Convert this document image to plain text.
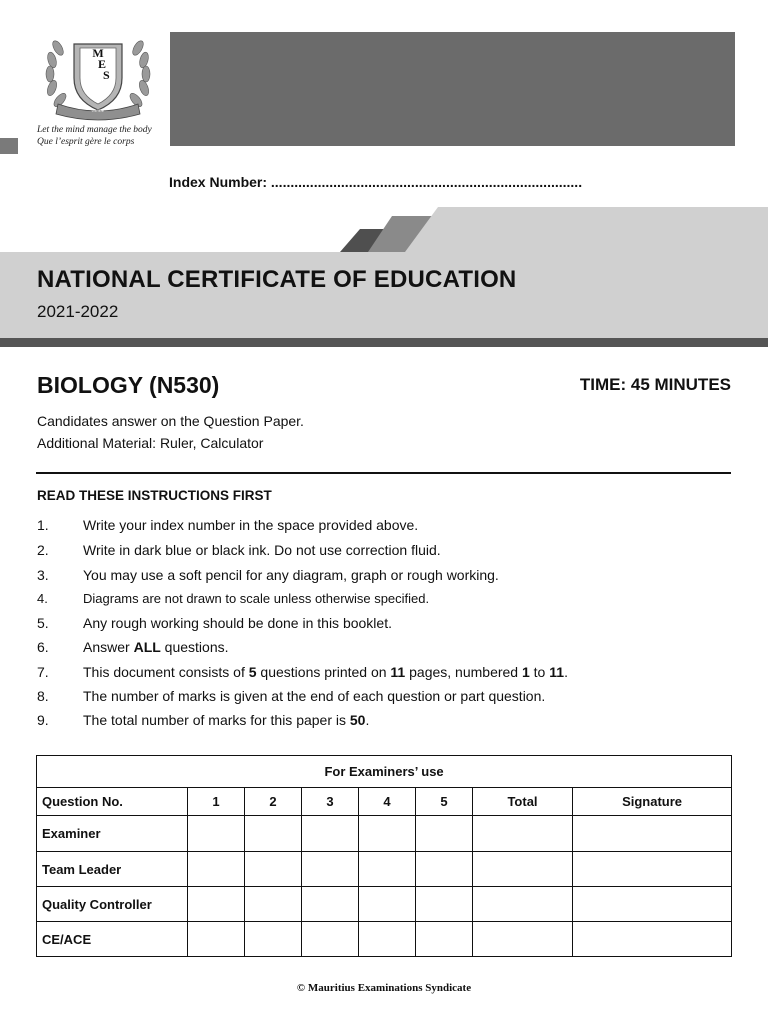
M
E
S
GUIDE
Let the mind manage the body
Que l’esprit gère le corps
Index Number: ................................................................................
NATIONAL CERTIFICATE OF EDUCATION
2021-2022
BIOLOGY (N530)	TIME: 45 MINUTES
Candidates answer on the Question Paper.
Additional Material: Ruler, Calculator
READ THESE INSTRUCTIONS FIRST
1. Write your index number in the space provided above.
2. Write in dark blue or black ink. Do not use correction fluid.
3. You may use a soft pencil for any diagram, graph or rough working.
4.	Diagrams are not drawn to scale unless otherwise specified.
5. Any rough working should be done in this booklet.
6. Answer ALL questions.
7. This document consists of 5 questions printed on 11 pages, numbered 1 to 11.
8. The number of marks is given at the end of each question or part question.
9. The total number of marks for this paper is 50.
For Examiners’ use							
Question No.	1	2	3	4	5	Total	Signature
Examiner							
Team Leader							
Quality Controller							
CE/ACE							
© Mauritius Examinations Syndicate
